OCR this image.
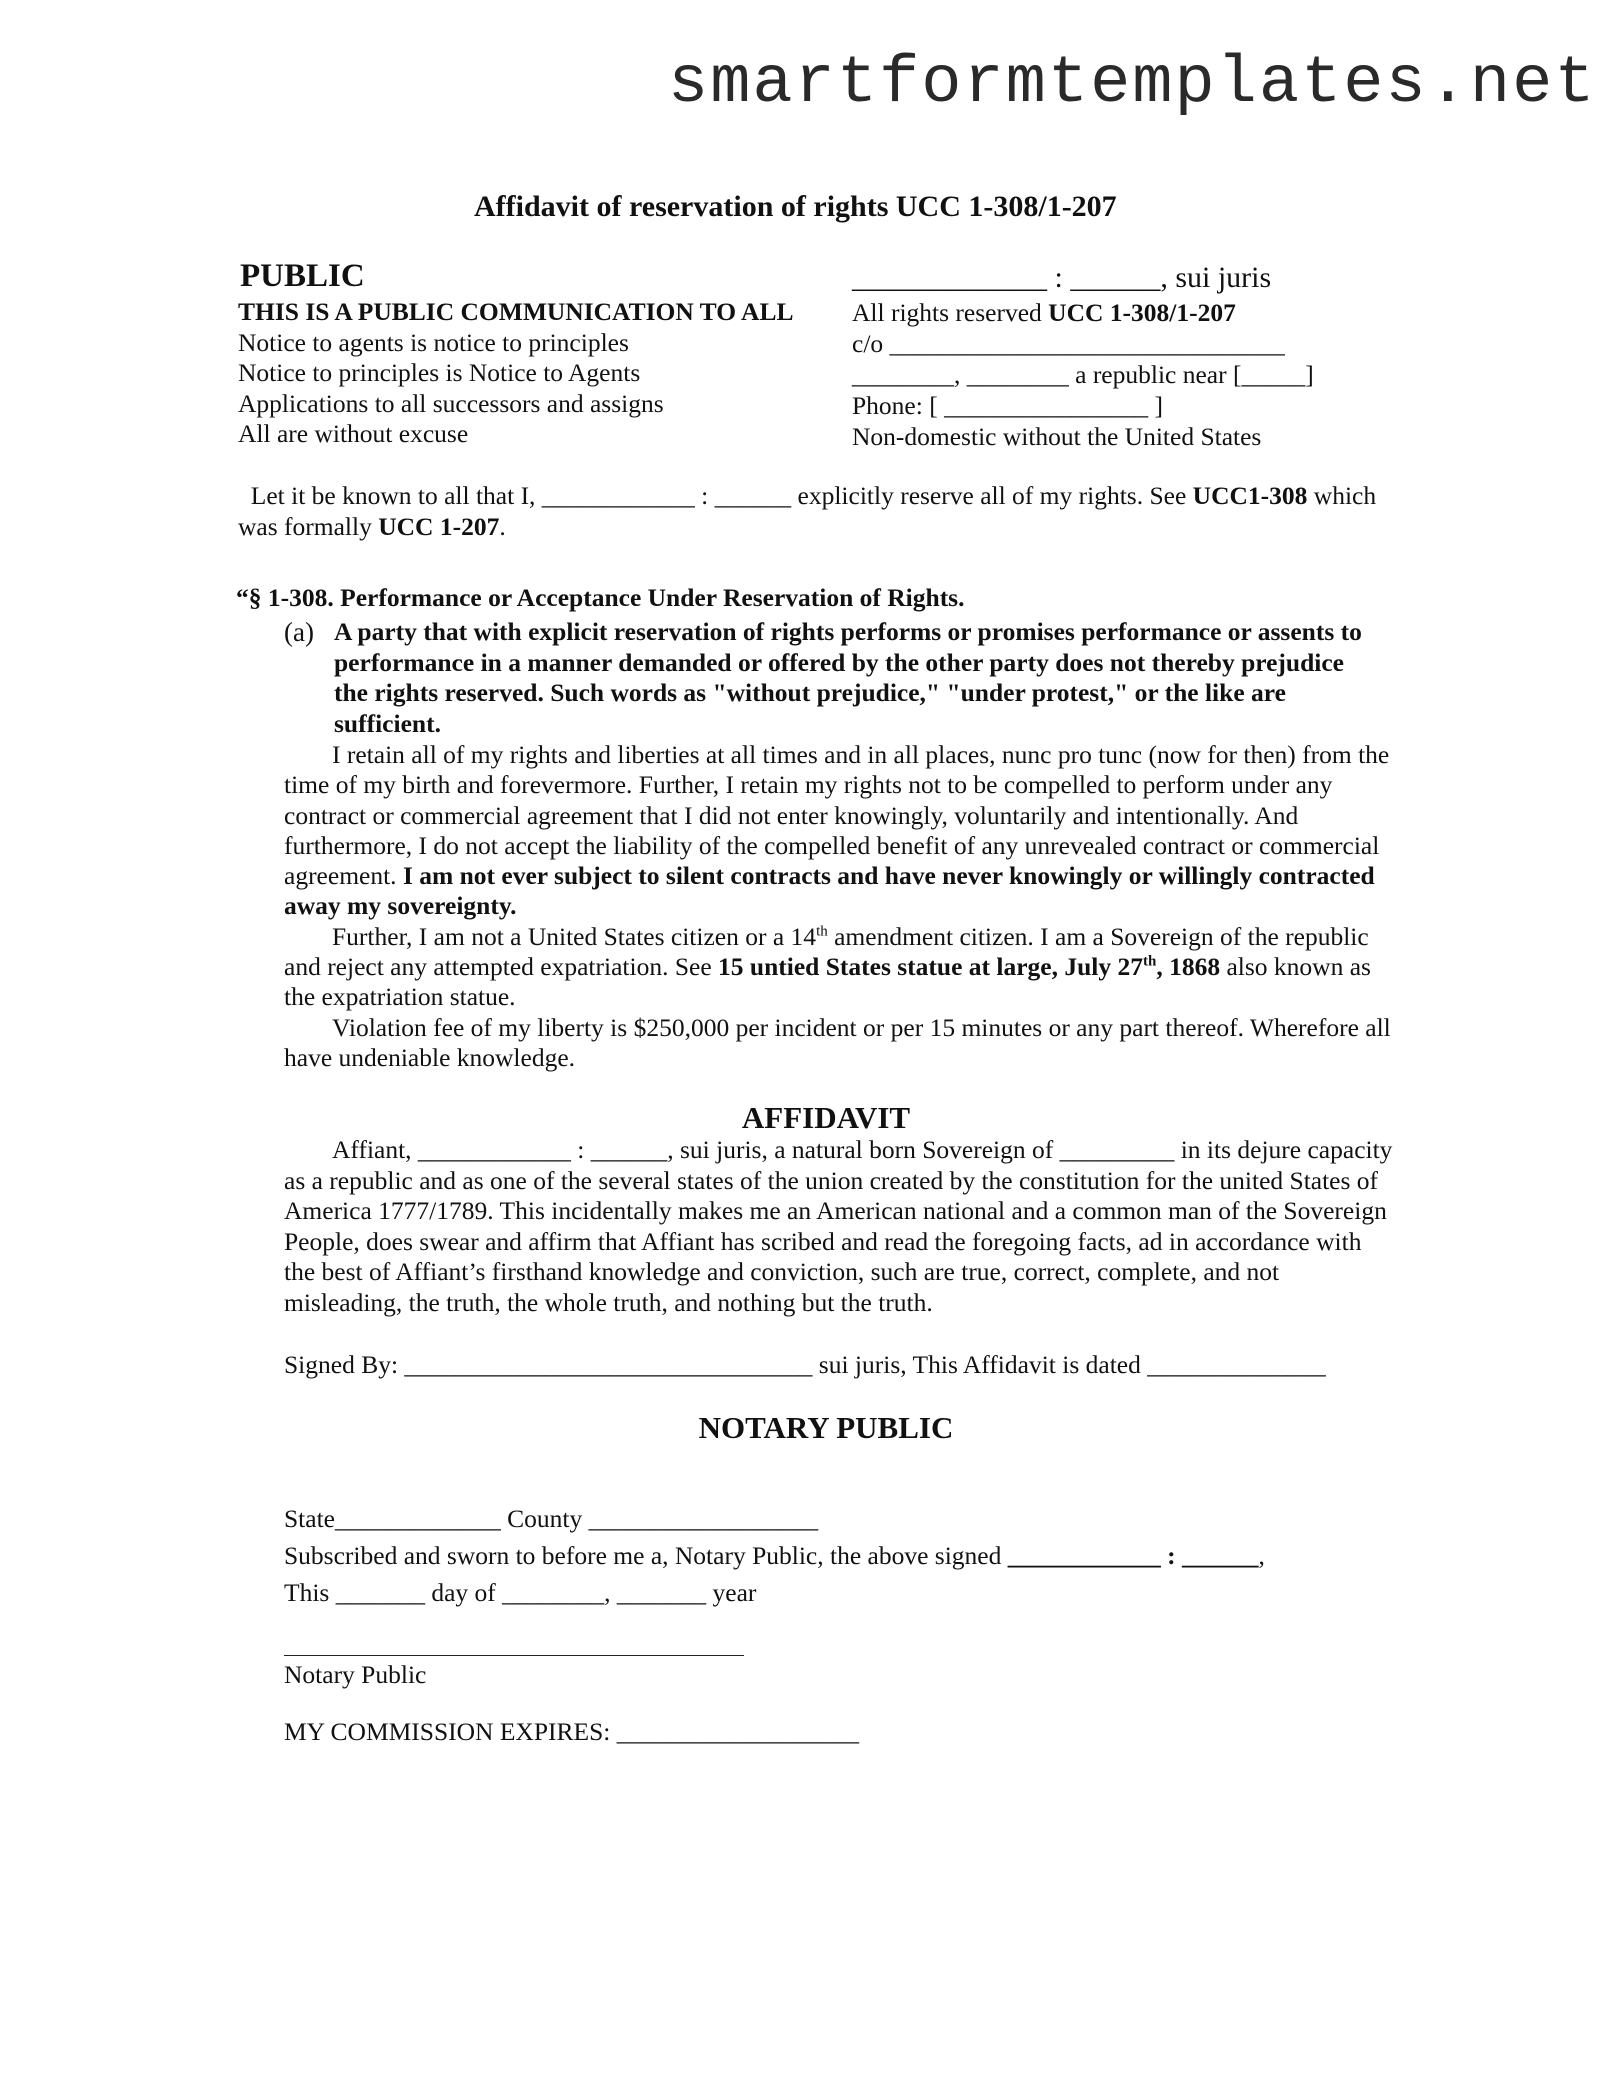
smartformtemplates.net
Affidavit of reservation of rights UCC 1-308/1-207
PUBLIC
THIS IS A PUBLIC COMMUNICATION TO ALL
Notice to agents is notice to principles
Notice to principles is Notice to Agents
Applications to all successors and assigns
All are without excuse
_____________ : ______, sui juris
All rights reserved UCC 1-308/1-207
c/o _______________________________
________, ________ a republic near [_____]
Phone: [ ________________ ]
Non-domestic without the United States
Let it be known to all that I, ____________ : ______ explicitly reserve all of my rights. See UCC1-308 which was formally UCC 1-207.
“§ 1-308. Performance or Acceptance Under Reservation of Rights.
(a) A party that with explicit reservation of rights performs or promises performance or assents to performance in a manner demanded or offered by the other party does not thereby prejudice the rights reserved. Such words as "without prejudice," "under protest," or the like are sufficient.

I retain all of my rights and liberties at all times and in all places, nunc pro tunc (now for then) from the time of my birth and forevermore. Further, I retain my rights not to be compelled to perform under any contract or commercial agreement that I did not enter knowingly, voluntarily and intentionally. And furthermore, I do not accept the liability of the compelled benefit of any unrevealed contract or commercial agreement. I am not ever subject to silent contracts and have never knowingly or willingly contracted away my sovereignty.

Further, I am not a United States citizen or a 14th amendment citizen. I am a Sovereign of the republic and reject any attempted expatriation. See 15 untied States statue at large, July 27th, 1868 also known as the expatriation statue.

Violation fee of my liberty is $250,000 per incident or per 15 minutes or any part thereof. Wherefore all have undeniable knowledge.

AFFIDAVIT

Affiant, ____________ : ______, sui juris, a natural born Sovereign of _________ in its dejure capacity as a republic and as one of the several states of the union created by the constitution for the united States of America 1777/1789. This incidentally makes me an American national and a common man of the Sovereign People, does swear and affirm that Affiant has scribed and read the foregoing facts, ad in accordance with the best of Affiant’s firsthand knowledge and conviction, such are true, correct, complete, and not misleading, the truth, the whole truth, and nothing but the truth.

Signed By: ________________________________ sui juris, This Affidavit is dated ______________
NOTARY PUBLIC
State_____________ County __________________
Subscribed and sworn to before me a, Notary Public, the above signed ____________ : ______,
This _______ day of ________, _______ year
Notary Public
MY COMMISSION EXPIRES: ___________________
